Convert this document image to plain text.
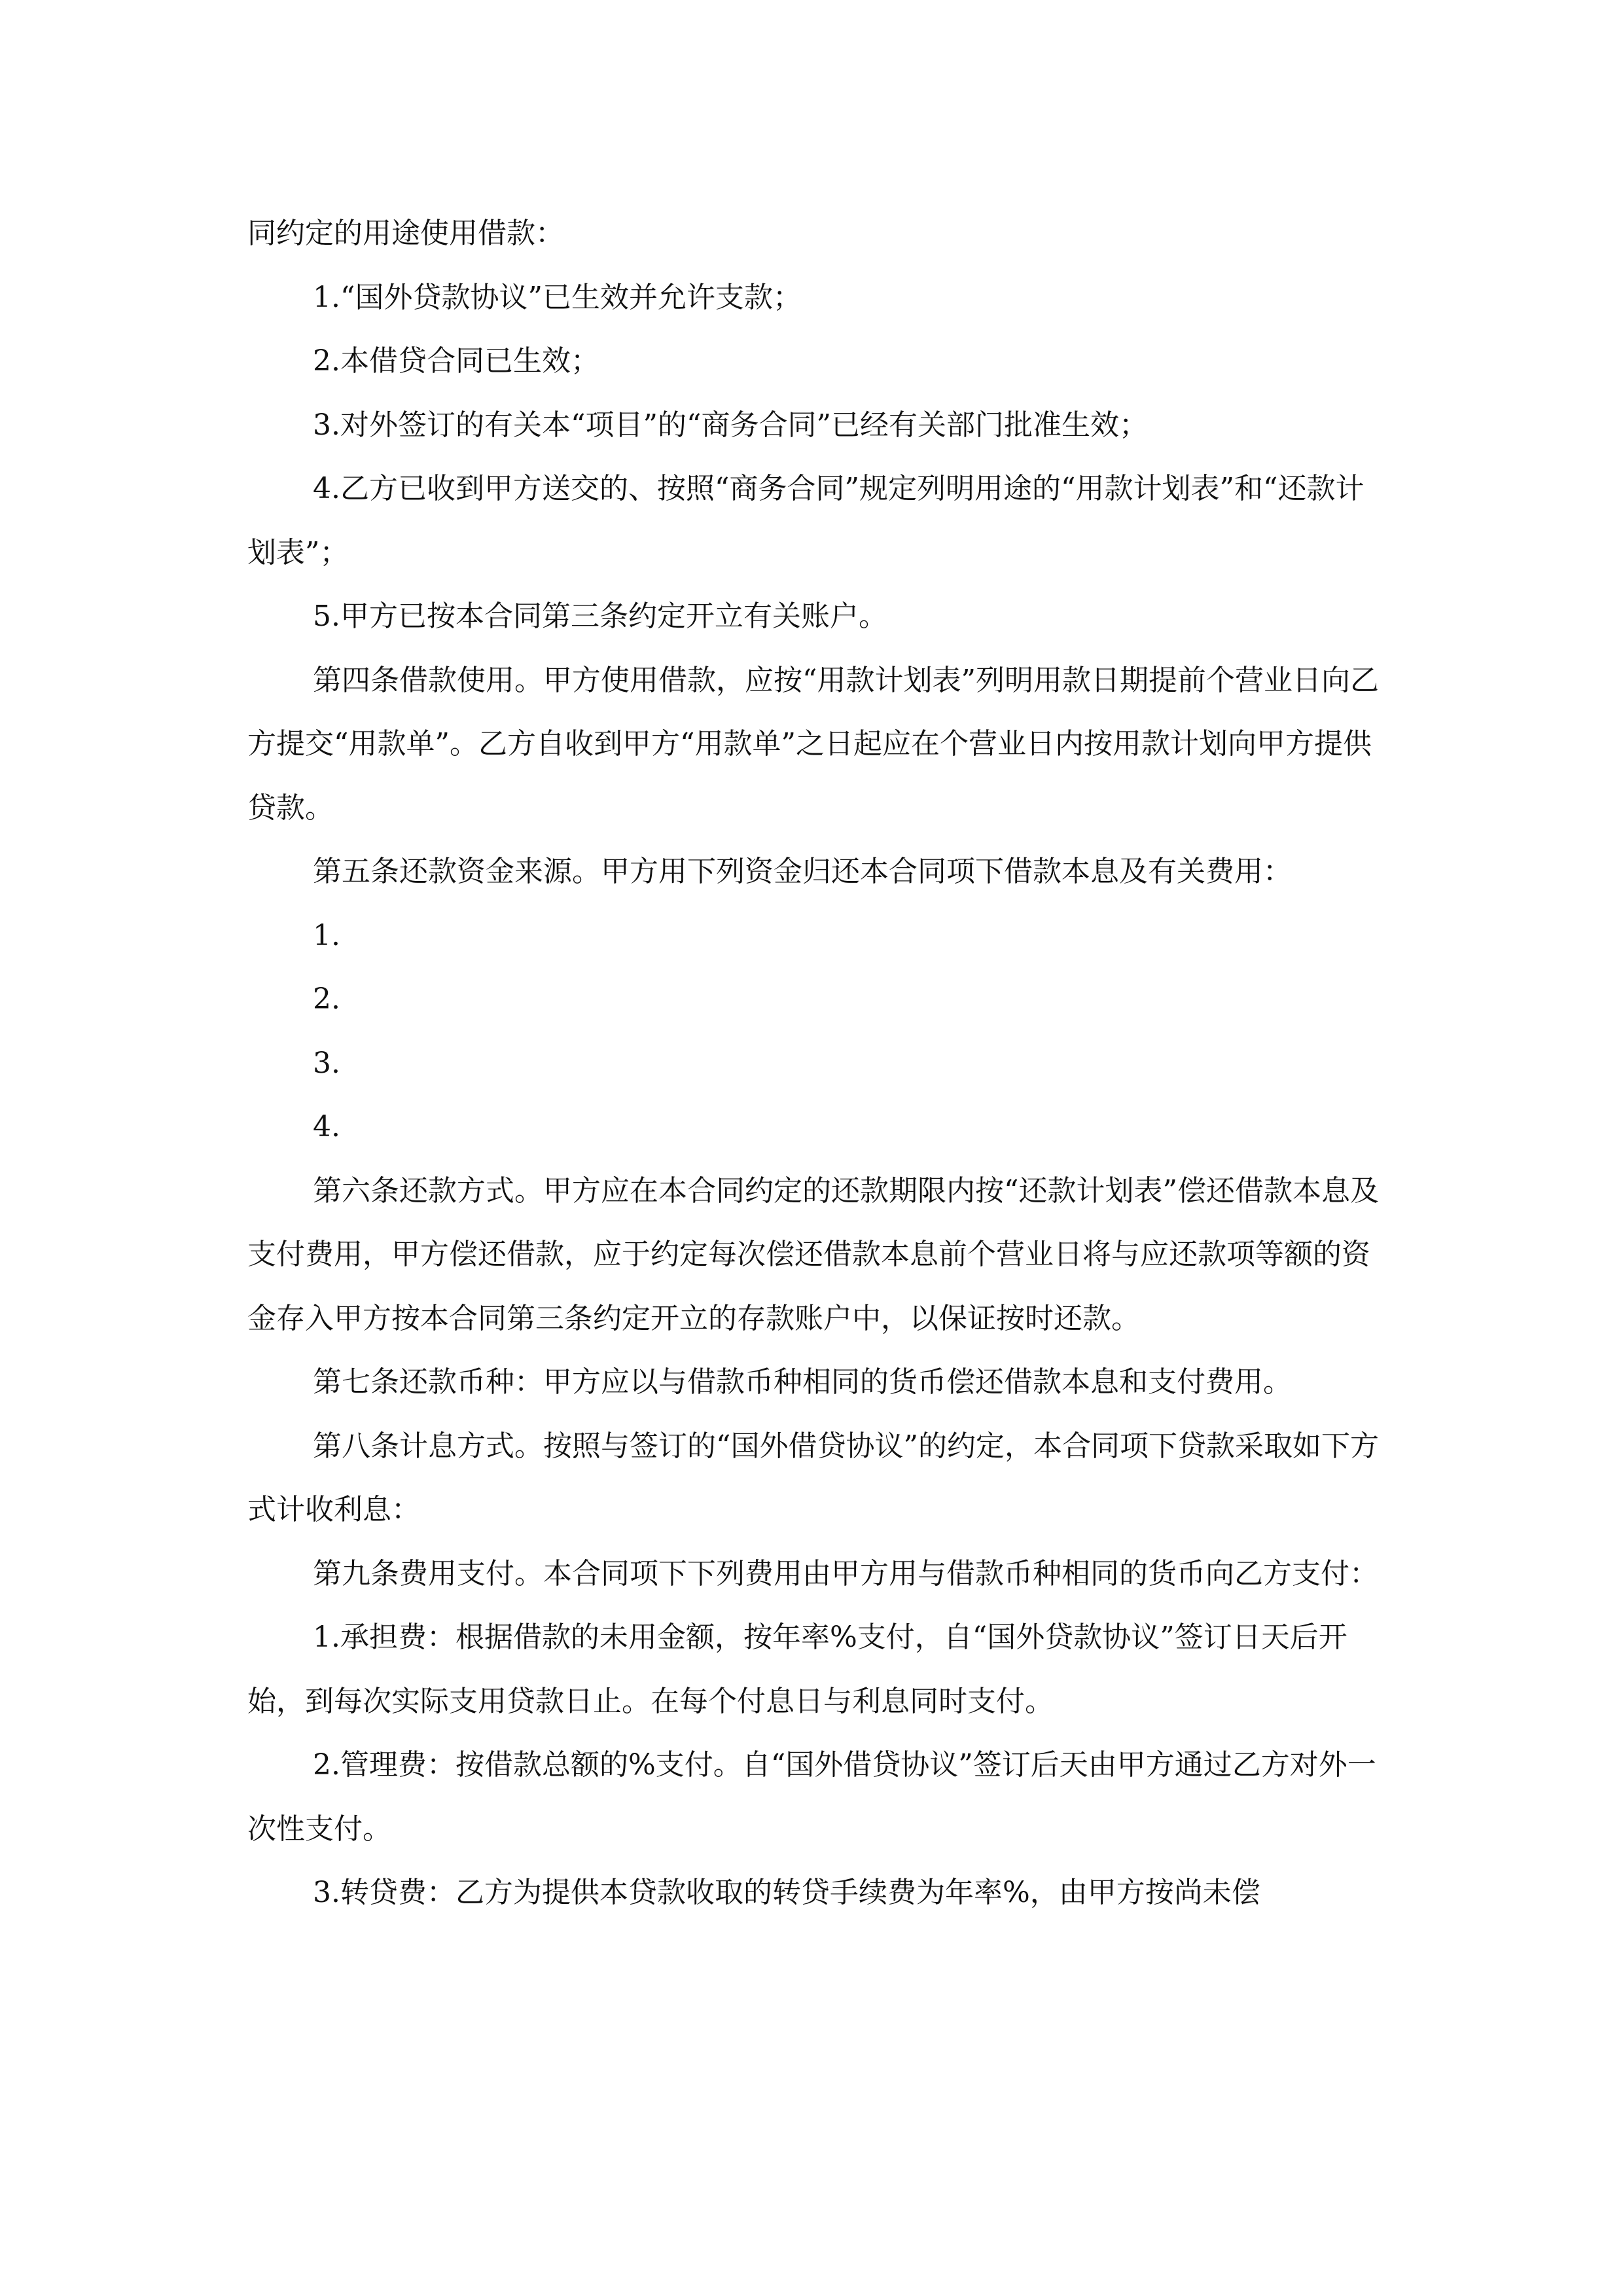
同约定的用途使用借款：

1.“国外贷款协议”已生效并允许支款；

2.本借贷合同已生效；

3.对外签订的有关本“项目”的“商务合同”已经有关部门批准生效；

4.乙方已收到甲方送交的、按照“商务合同”规定列明用途的“用款计划表”和“还款计划表”；

5.甲方已按本合同第三条约定开立有关账户。

第四条借款使用。甲方使用借款，应按“用款计划表”列明用款日期提前个营业日向乙方提交“用款单”。乙方自收到甲方“用款单”之日起应在个营业日内按用款计划向甲方提供贷款。

第五条还款资金来源。甲方用下列资金归还本合同项下借款本息及有关费用：

1.

2.

3.

4.

第六条还款方式。甲方应在本合同约定的还款期限内按“还款计划表”偿还借款本息及支付费用，甲方偿还借款，应于约定每次偿还借款本息前个营业日将与应还款项等额的资金存入甲方按本合同第三条约定开立的存款账户中，以保证按时还款。

第七条还款币种：甲方应以与借款币种相同的货币偿还借款本息和支付费用。

第八条计息方式。按照与签订的“国外借贷协议”的约定，本合同项下贷款采取如下方式计收利息：

第九条费用支付。本合同项下下列费用由甲方用与借款币种相同的货币向乙方支付：

1.承担费：根据借款的未用金额，按年率%支付，自“国外贷款协议”签订日天后开始，到每次实际支用贷款日止。在每个付息日与利息同时支付。

2.管理费：按借款总额的%支付。自“国外借贷协议”签订后天由甲方通过乙方对外一次性支付。

3.转贷费：乙方为提供本贷款收取的转贷手续费为年率%，由甲方按尚未偿
